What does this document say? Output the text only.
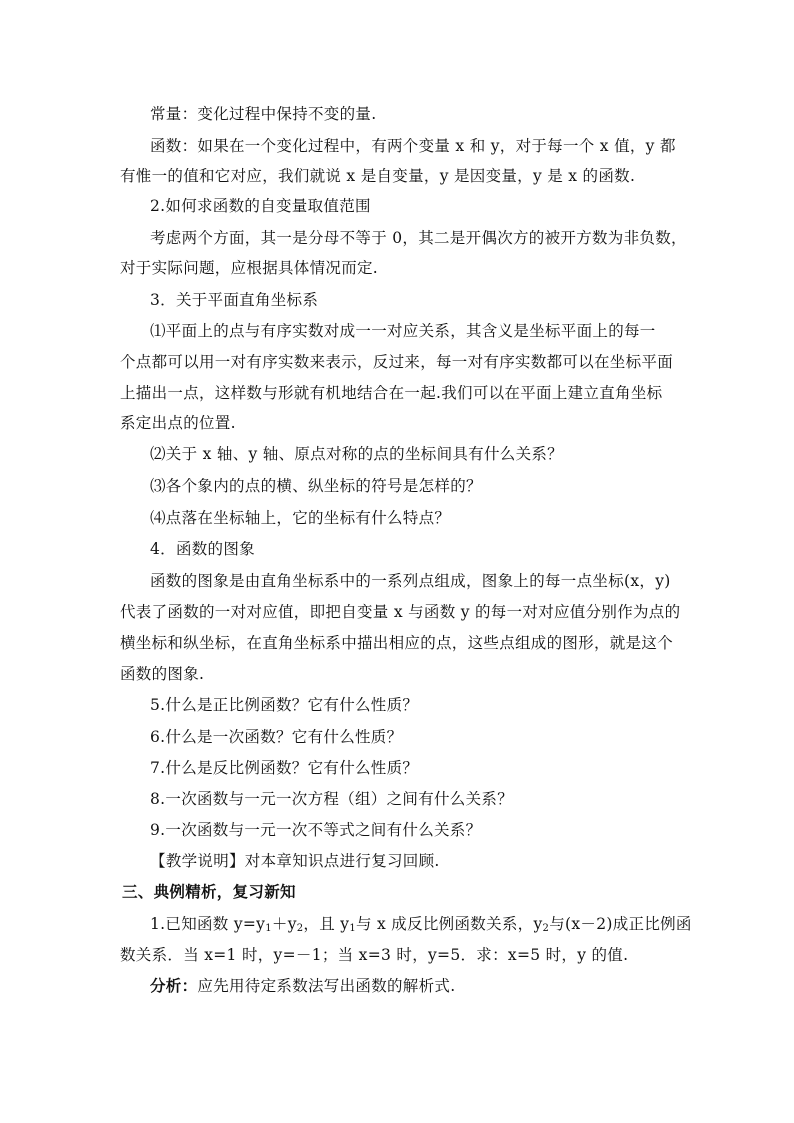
常量：变化过程中保持不变的量.
函数：如果在一个变化过程中，有两个变量 x 和 y，对于每一个 x 值，y 都
有惟一的值和它对应，我们就说 x 是自变量，y 是因变量，y 是 x 的函数.
2.如何求函数的自变量取值范围
考虑两个方面，其一是分母不等于 0，其二是开偶次方的被开方数为非负数，
对于实际问题，应根据具体情况而定.
3．关于平面直角坐标系
⑴平面上的点与有序实数对成一一对应关系，其含义是坐标平面上的每一
个点都可以用一对有序实数来表示，反过来，每一对有序实数都可以在坐标平面
上描出一点，这样数与形就有机地结合在一起.我们可以在平面上建立直角坐标
系定出点的位置.
⑵关于 x 轴、y 轴、原点对称的点的坐标间具有什么关系？
⑶各个象内的点的横、纵坐标的符号是怎样的？
⑷点落在坐标轴上，它的坐标有什么特点？
4．函数的图象
函数的图象是由直角坐标系中的一系列点组成，图象上的每一点坐标(x，y)
代表了函数的一对对应值，即把自变量 x 与函数 y 的每一对对应值分别作为点的
横坐标和纵坐标，在直角坐标系中描出相应的点，这些点组成的图形，就是这个
函数的图象.
5.什么是正比例函数？它有什么性质？
6.什么是一次函数？它有什么性质？
7.什么是反比例函数？它有什么性质？
8.一次函数与一元一次方程（组）之间有什么关系？
9.一次函数与一元一次不等式之间有什么关系？
【教学说明】对本章知识点进行复习回顾.
三、典例精析，复习新知
1.已知函数 $y=y_1+y_2$，且 $y_1$与 x 成反比例函数关系，$y_2$与(x－2)成正比例函
数关系．当 x=1 时，y=－1；当 x=3 时，y=5．求：x=5 时，y 的值.
分析：应先用待定系数法写出函数的解析式.
